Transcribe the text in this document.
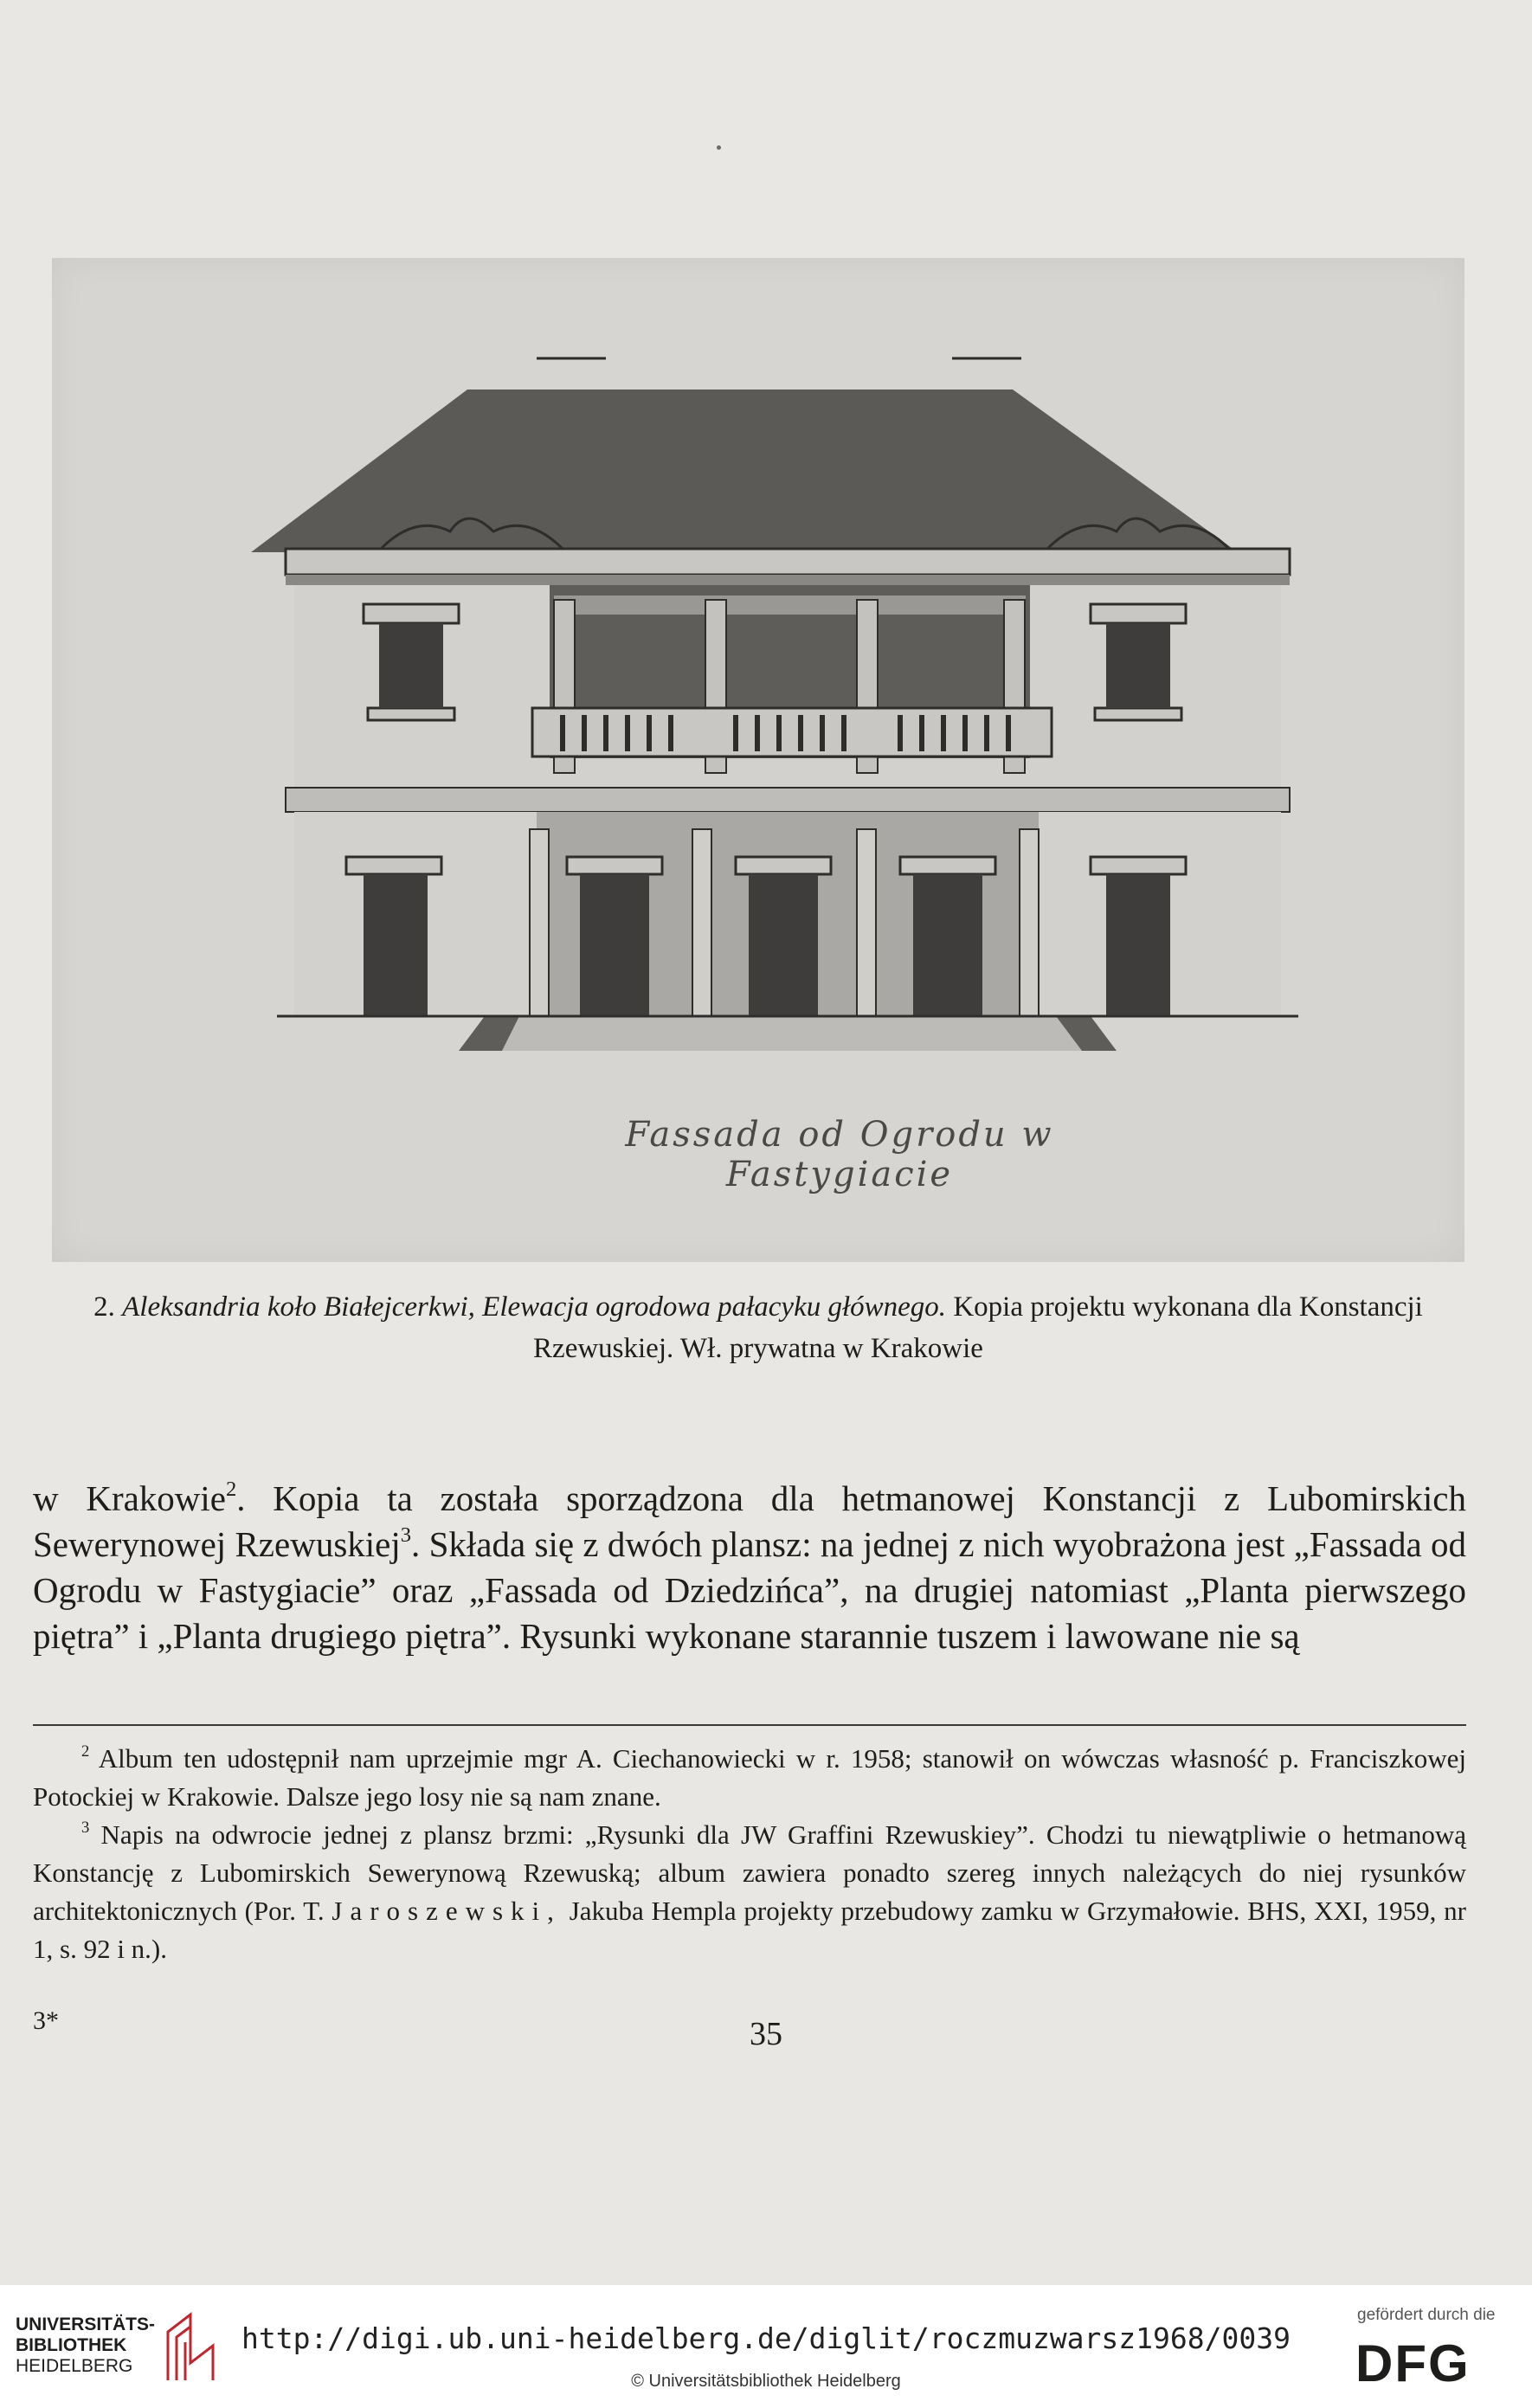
Fassada od Ogrodu w Fastygiacie
2. Aleksandria koło Białejcerkwi, Elewacja ogrodowa pałacyku głównego. Kopia projektu wykonana dla Konstancji
Rzewuskiej. Wł. prywatna w Krakowie
w Krakowie$^2$. Kopia ta została sporządzona dla hetmanowej Konstancji z Lubomirskich Sewerynowej Rzewuskiej$^3$. Składa się z dwóch plansz: na jednej z nich wyobrażona jest „Fassada od Ogrodu w Fastygiacie” oraz „Fassada od Dziedzińca”, na drugiej natomiast „Planta pierwszego piętra” i „Planta drugiego piętra”. Rysunki wykonane starannie tuszem i lawowane nie są

$^2$ Album ten udostępnił nam uprzejmie mgr A. Ciechanowiecki w r. 1958; stanowił on wówczas własność p. Franciszkowej Potockiej w Krakowie. Dalsze jego losy nie są nam znane.

$^3$ Napis na odwrocie jednej z plansz brzmi: „Rysunki dla JW Graffini Rzewuskiey”. Chodzi tu niewątpliwie o hetmanową Konstancję z Lubomirskich Sewerynową Rzewuską; album zawiera ponadto szereg innych należących do niej rysunków architektonicznych (Por. T. Jaroszewski, Jakuba Hempla projekty przebudowy zamku w Grzymałowie. BHS, XXI, 1959, nr 1, s. 92 i n.).

3*	35
UNIVERSITÄTS-
BIBLIOTHEK
HEIDELBERG
http://digi.ub.uni-heidelberg.de/diglit/roczmuzwarsz1968/0039
© Universitätsbibliothek Heidelberg
gefördert durch die
DFG
